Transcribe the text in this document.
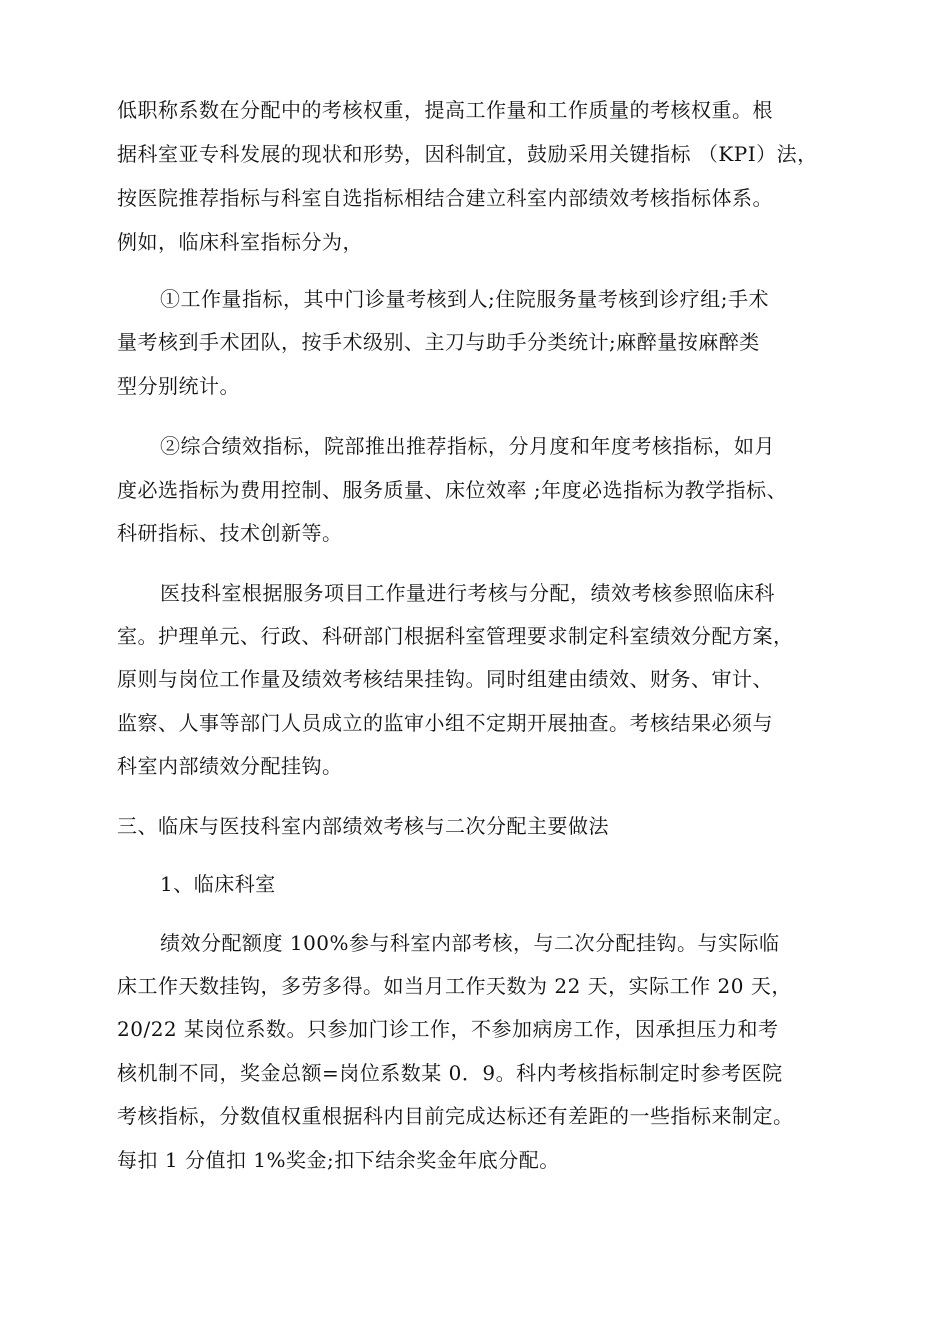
低职称系数在分配中的考核权重，提高工作量和工作质量的考核权重。根
据科室亚专科发展的现状和形势，因科制宜，鼓励采用关键指标 （KPI）法，
按医院推荐指标与科室自选指标相结合建立科室内部绩效考核指标体系。
例如，临床科室指标分为，
①工作量指标，其中门诊量考核到人;住院服务量考核到诊疗组;手术
量考核到手术团队，按手术级别、主刀与助手分类统计;麻醉量按麻醉类
型分别统计。
②综合绩效指标，院部推出推荐指标，分月度和年度考核指标，如月
度必选指标为费用控制、服务质量、床位效率 ;年度必选指标为教学指标、
科研指标、技术创新等。
医技科室根据服务项目工作量进行考核与分配，绩效考核参照临床科
室。护理单元、行政、科研部门根据科室管理要求制定科室绩效分配方案，
原则与岗位工作量及绩效考核结果挂钩。同时组建由绩效、财务、审计、
监察、人事等部门人员成立的监审小组不定期开展抽查。考核结果必须与
科室内部绩效分配挂钩。
三、临床与医技科室内部绩效考核与二次分配主要做法
1、临床科室
绩效分配额度 100%参与科室内部考核，与二次分配挂钩。与实际临
床工作天数挂钩，多劳多得。如当月工作天数为 22 天，实际工作 20 天，
20/22 某岗位系数。只参加门诊工作，不参加病房工作，因承担压力和考
核机制不同，奖金总额=岗位系数某 0．9。科内考核指标制定时参考医院
考核指标，分数值权重根据科内目前完成达标还有差距的一些指标来制定。
每扣 1 分值扣 1%奖金;扣下结余奖金年底分配。
